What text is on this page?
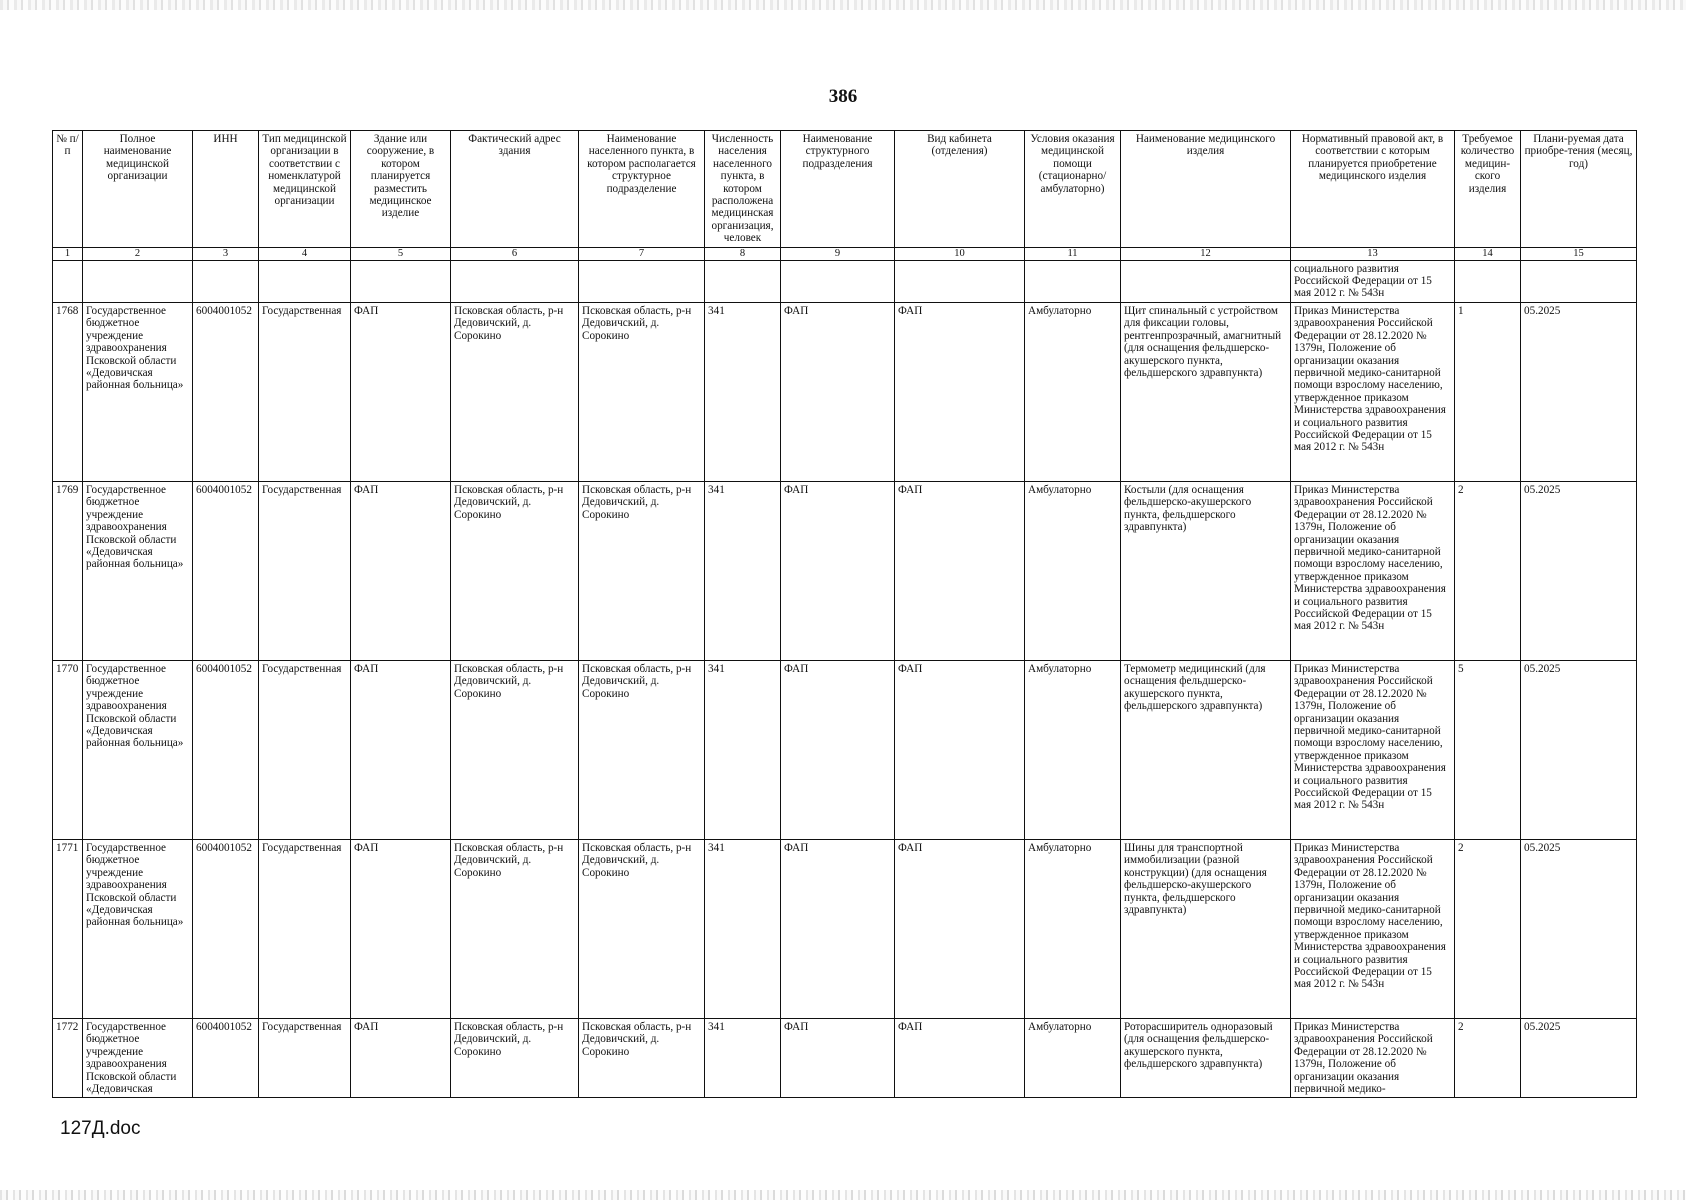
386
№ п/п	Полное наименование медицинской организации	ИНН	Тип медицинской организации в соответствии с номенклатурой медицинской организации	Здание или сооружение, в котором планируется разместить медицинское изделие	Фактический адрес здания	Наименование населенного пункта, в котором располагается структурное подразделение	Численность населения населенного пункта, в котором расположена медицинская организация, человек	Наименование структурного подразделения	Вид кабинета (отделения)	Условия оказания медицинской помощи (стационарно/ амбулаторно)	Наименование медицинского изделия	Нормативный правовой акт, в соответствии с которым планируется приобретение медицинского изделия	Требуемое количество медицин-ского изделия	Плани-руемая дата приобре-тения (месяц, год)
1	2	3	4	5	6	7	8	9	10	11	12	13	14	15
												социального развития Российской Федерации от 15 мая 2012 г. № 543н		
1768	Государственное бюджетное учреждение здравоохранения Псковской области «Дедовичская районная больница»	6004001052	Государственная	ФАП	Псковская область, р-н Дедовичский, д. Сорокино	Псковская область, р-н Дедовичский, д. Сорокино	341	ФАП	ФАП	Амбулаторно	Щит спинальный с устройством для фиксации головы, рентгенпрозрачный, амагнитный (для оснащения фельдшерско-акушерского пункта, фельдшерского здравпункта)	Приказ Министерства здравоохранения Российской Федерации от 28.12.2020 № 1379н, Положение об организации оказания первичной медико-санитарной помощи взрослому населению, утвержденное приказом Министерства здравоохранения и социального развития Российской Федерации от 15 мая 2012 г. № 543н	1	05.2025
1769	Государственное бюджетное учреждение здравоохранения Псковской области «Дедовичская районная больница»	6004001052	Государственная	ФАП	Псковская область, р-н Дедовичский, д. Сорокино	Псковская область, р-н Дедовичский, д. Сорокино	341	ФАП	ФАП	Амбулаторно	Костыли (для оснащения фельдшерско-акушерского пункта, фельдшерского здравпункта)	Приказ Министерства здравоохранения Российской Федерации от 28.12.2020 № 1379н, Положение об организации оказания первичной медико-санитарной помощи взрослому населению, утвержденное приказом Министерства здравоохранения и социального развития Российской Федерации от 15 мая 2012 г. № 543н	2	05.2025
1770	Государственное бюджетное учреждение здравоохранения Псковской области «Дедовичская районная больница»	6004001052	Государственная	ФАП	Псковская область, р-н Дедовичский, д. Сорокино	Псковская область, р-н Дедовичский, д. Сорокино	341	ФАП	ФАП	Амбулаторно	Термометр медицинский (для оснащения фельдшерско-акушерского пункта, фельдшерского здравпункта)	Приказ Министерства здравоохранения Российской Федерации от 28.12.2020 № 1379н, Положение об организации оказания первичной медико-санитарной помощи взрослому населению, утвержденное приказом Министерства здравоохранения и социального развития Российской Федерации от 15 мая 2012 г. № 543н	5	05.2025
1771	Государственное бюджетное учреждение здравоохранения Псковской области «Дедовичская районная больница»	6004001052	Государственная	ФАП	Псковская область, р-н Дедовичский, д. Сорокино	Псковская область, р-н Дедовичский, д. Сорокино	341	ФАП	ФАП	Амбулаторно	Шины для транспортной иммобилизации (разной конструкции) (для оснащения фельдшерско-акушерского пункта, фельдшерского здравпункта)	Приказ Министерства здравоохранения Российской Федерации от 28.12.2020 № 1379н, Положение об организации оказания первичной медико-санитарной помощи взрослому населению, утвержденное приказом Министерства здравоохранения и социального развития Российской Федерации от 15 мая 2012 г. № 543н	2	05.2025
1772	Государственное бюджетное учреждение здравоохранения Псковской области «Дедовичская	6004001052	Государственная	ФАП	Псковская область, р-н Дедовичский, д. Сорокино	Псковская область, р-н Дедовичский, д. Сорокино	341	ФАП	ФАП	Амбулаторно	Роторасширитель одноразовый (для оснащения фельдшерско-акушерского пункта, фельдшерского здравпункта)	Приказ Министерства здравоохранения Российской Федерации от 28.12.2020 № 1379н, Положение об организации оказания первичной медико-	2	05.2025
127Д.doc
